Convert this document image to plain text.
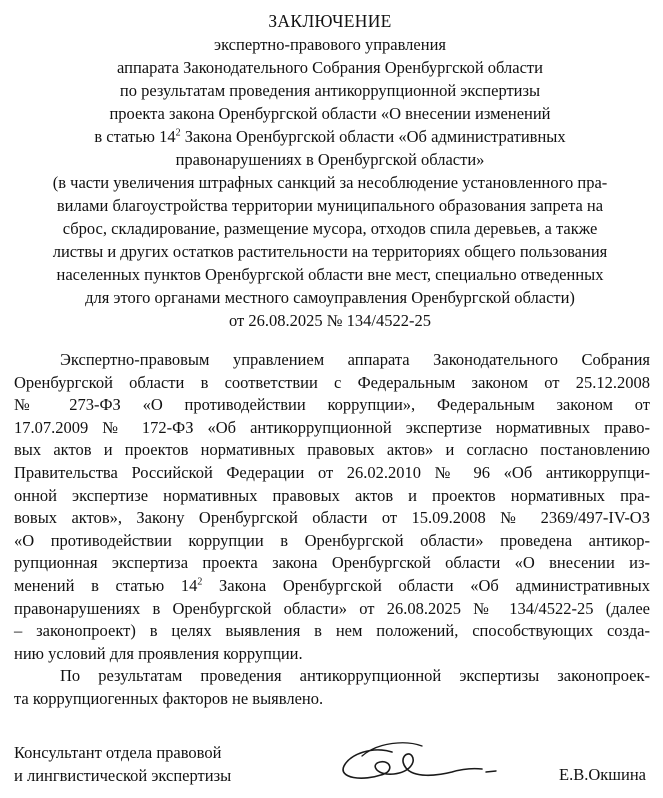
ЗАКЛЮЧЕНИЕ
экспертно-правового управления
аппарата Законодательного Собрания Оренбургской области
по результатам проведения антикоррупционной экспертизы
проекта закона Оренбургской области «О внесении изменений
в статью $14^2$ Закона Оренбургской области «Об административных
правонарушениях в Оренбургской области»
(в части увеличения штрафных санкций за несоблюдение установленного пра-
вилами благоустройства территории муниципального образования запрета на
сброс, складирование, размещение мусора, отходов спила деревьев, а также
листвы и других остатков растительности на территориях общего пользования
населенных пунктов Оренбургской области вне мест, специально отведенных
для этого органами местного самоуправления Оренбургской области)
от 26.08.2025 № 134/4522-25
Экспертно-правовым управлением аппарата Законодательного Собрания
Оренбургской области в соответствии с Федеральным законом от 25.12.2008
№ 273-ФЗ «О противодействии коррупции», Федеральным законом от
17.07.2009 № 172-ФЗ «Об антикоррупционной экспертизе нормативных право-
вых актов и проектов нормативных правовых актов» и согласно постановлению
Правительства Российской Федерации от 26.02.2010 № 96 «Об антикоррупци-
онной экспертизе нормативных правовых актов и проектов нормативных пра-
вовых актов», Закону Оренбургской области от 15.09.2008 № 2369/497-IV-ОЗ
«О противодействии коррупции в Оренбургской области» проведена антикор-
рупционная экспертиза проекта закона Оренбургской области «О внесении из-
менений в статью $14^2$ Закона Оренбургской области «Об административных
правонарушениях в Оренбургской области» от 26.08.2025 № 134/4522-25 (далее
– законопроект) в целях выявления в нем положений, способствующих созда-
нию условий для проявления коррупции.
По результатам проведения антикоррупционной экспертизы законопроек-
та коррупциогенных факторов не выявлено.
Консультант отдела правовой
и лингвистической экспертизы	Е.В.Окшина
